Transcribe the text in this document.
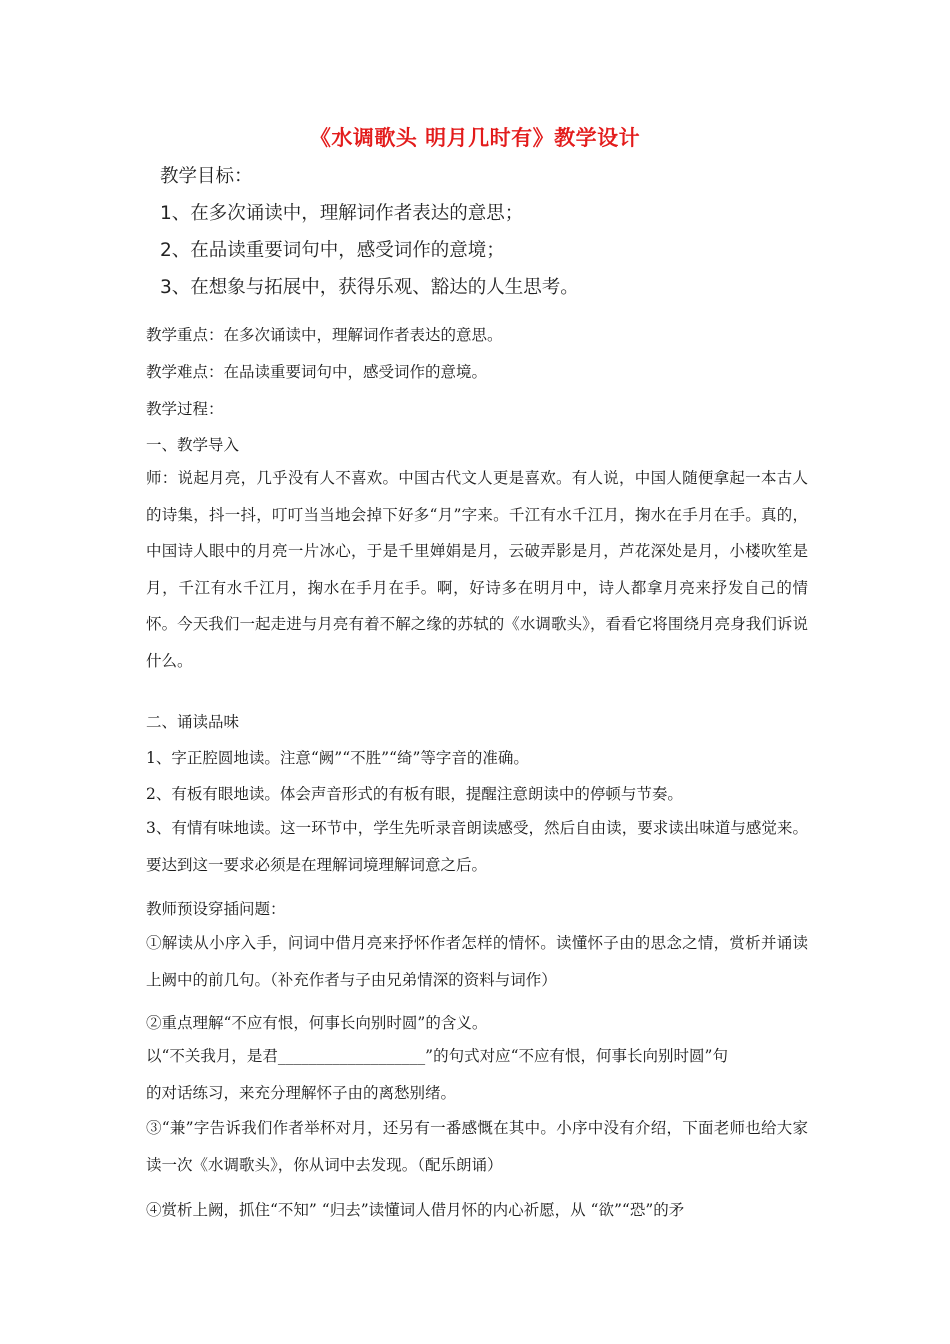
《水调歌头 明月几时有》教学设计
教学目标：
1、在多次诵读中，理解词作者表达的意思；
2、在品读重要词句中，感受词作的意境；
3、在想象与拓展中，获得乐观、豁达的人生思考。
教学重点：在多次诵读中，理解词作者表达的意思。
教学难点：在品读重要词句中，感受词作的意境。
教学过程：
一、教学导入
师：说起月亮，几乎没有人不喜欢。中国古代文人更是喜欢。有人说，中国人随便拿起一本古人的诗集，抖一抖，叮叮当当地会掉下好多“月”字来。千江有水千江月，掬水在手月在手。真的，中国诗人眼中的月亮一片冰心，于是千里婵娟是月，云破弄影是月，芦花深处是月，小楼吹笙是月，千江有水千江月，掬水在手月在手。啊，好诗多在明月中，诗人都拿月亮来抒发自己的情怀。今天我们一起走进与月亮有着不解之缘的苏轼的《水调歌头》，看看它将围绕月亮身我们诉说什么。
二、诵读品味
1、字正腔圆地读。注意“阙”“不胜”“绮”等字音的准确。
2、有板有眼地读。体会声音形式的有板有眼，提醒注意朗读中的停顿与节奏。
3、有情有味地读。这一环节中，学生先听录音朗读感受，然后自由读，要求读出味道与感觉来。要达到这一要求必须是在理解词境理解词意之后。
教师预设穿插问题：
①解读从小序入手，问词中借月亮来抒怀作者怎样的情怀。读懂怀子由的思念之情，赏析并诵读上阙中的前几句。（补充作者与子由兄弟情深的资料与词作）
②重点理解“不应有恨，何事长向别时圆”的含义。
以“不关我月，是君___________________”的句式对应“不应有恨，何事长向别时圆”句
的对话练习，来充分理解怀子由的离愁别绪。
③“兼”字告诉我们作者举杯对月，还另有一番感慨在其中。小序中没有介绍，下面老师也给大家读一次《水调歌头》，你从词中去发现。（配乐朗诵）
④赏析上阙，抓住“不知” “归去”读懂词人借月怀的内心祈愿，从 “欲”“恐”的矛
